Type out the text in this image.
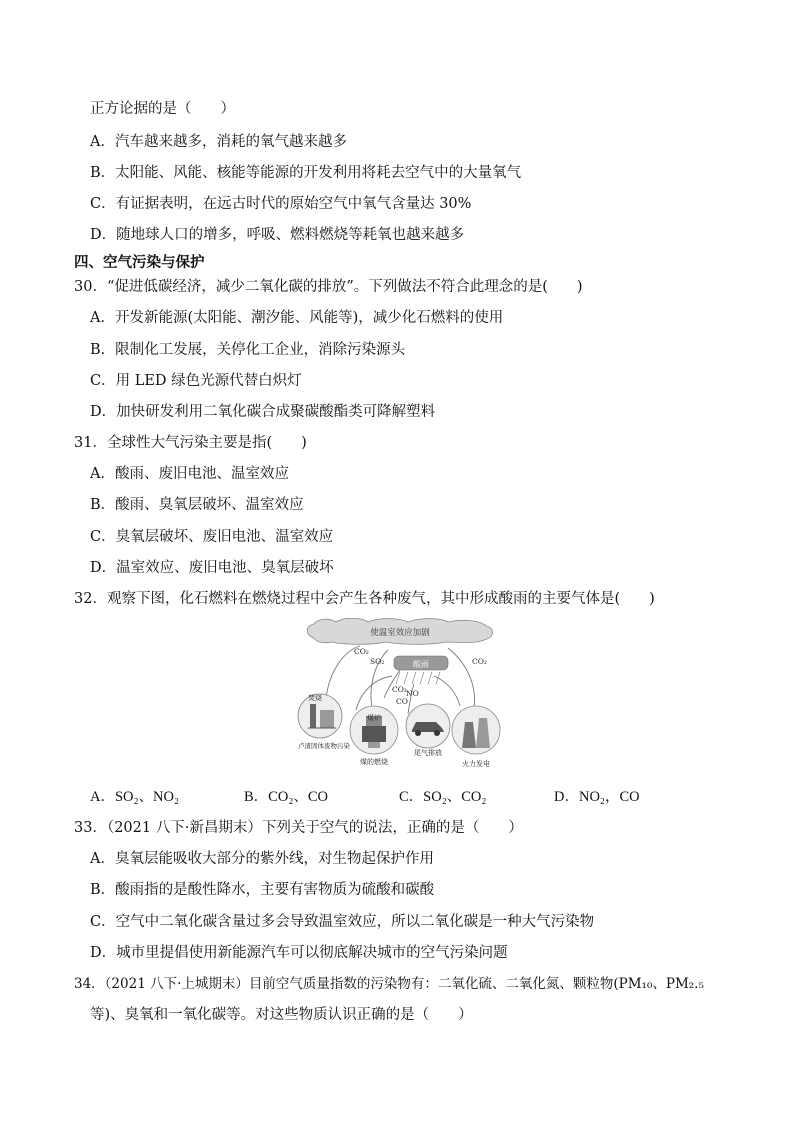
正方论据的是（　　）
A．汽车越来越多，消耗的氧气越来越多
B．太阳能、风能、核能等能源的开发利用将耗去空气中的大量氧气
C．有证据表明，在远古时代的原始空气中氧气含量达 30%
D．随地球人口的增多，呼吸、燃料燃烧等耗氧也越来越多
四、空气污染与保护
30．“促进低碳经济，减少二氧化碳的排放”。下列做法不符合此理念的是(　　)
A．开发新能源(太阳能、潮汐能、风能等)，减少化石燃料的使用
B．限制化工发展，关停化工企业，消除污染源头
C．用 LED 绿色光源代替白炽灯
D．加快研发利用二氧化碳合成聚碳酸酯类可降解塑料
31．全球性大气污染主要是指(　　)
A．酸雨、废旧电池、温室效应
B．酸雨、臭氧层破坏、温室效应
C．臭氧层破坏、废旧电池、温室效应
D．温室效应、废旧电池、臭氧层破坏
32．观察下图，化石燃料在燃烧过程中会产生各种废气，其中形成酸雨的主要气体是(　　)
使温室效应加剧
酸雨
CO₂
SO₂
CO₂ NO
CO
CO₂
焚烧
卢渣固体废物污染
煤炉
煤的燃烧
尾气排放
火力发电
A．SO₂、NO₂	B．CO₂、CO	C．SO₂、CO₂	D．NO₂，CO
33．（2021 八下·新昌期末）下列关于空气的说法，正确的是（　　）
A．臭氧层能吸收大部分的紫外线，对生物起保护作用
B．酸雨指的是酸性降水，主要有害物质为硫酸和碳酸
C．空气中二氧化碳含量过多会导致温室效应，所以二氧化碳是一种大气污染物
D．城市里提倡使用新能源汽车可以彻底解决城市的空气污染问题
34．（2021 八下·上城期末）目前空气质量指数的污染物有：二氧化硫、二氧化氮、颗粒物(PM₁₀、PM₂.₅
等)、臭氧和一氧化碳等。对这些物质认识正确的是（　　）
